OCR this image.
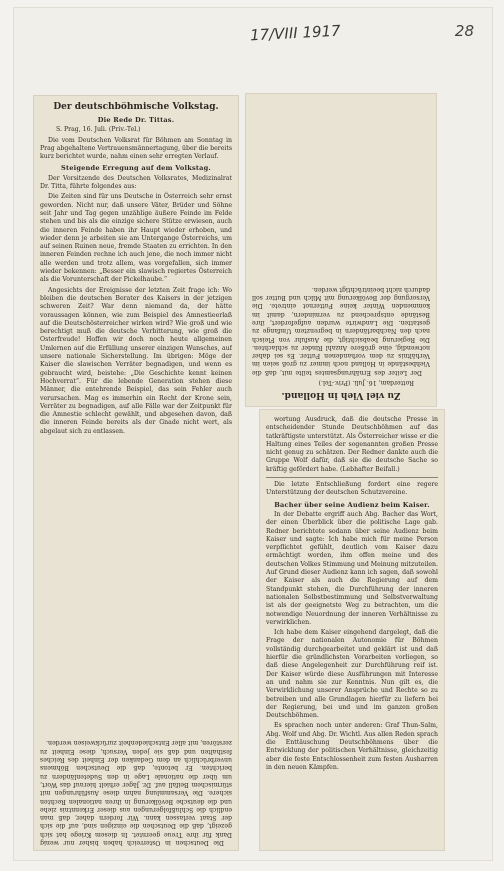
17/VIII 1917	28

Der deutschböhmische Volkstag.

Die Rede Dr. Tittas.

S. Prag, 16. Juli. (Priv.-Tel.)

Die vom Deutschen Volksrat für Böhmen am Sonntag in Prag abgehaltene Vertrauensmännertagung, über die bereits kurz berichtet wurde, nahm einen sehr erregten Verlauf.

Steigende Erregung auf dem Volkstag.

Der Vorsitzende des Deutschen Volksrates, Medizinalrat Dr. Titta, führte folgendes aus:

Die Zeiten sind für uns Deutsche in Österreich sehr ernst geworden. Nicht nur, daß unsere Väter, Brüder und Söhne seit Jahr und Tag gegen unzählige äußere Feinde im Felde stehen und bis als die einzige sichere Stütze erwiesen, auch die inneren Feinde haben ihr Haupt wieder erhoben, und wieder denn je arbeiten sie am Untergange Österreichs, um auf seinen Ruinen neue, fremde Staaten zu errichten. In den inneren Feinden rechne ich auch jene, die noch immer nicht alle werden und trotz allem, was vorgefallen, sich immer wieder bekennen: „Besser ein slawisch regiertes Österreich als die Vorunterschaft der Pickelhaube.“

Angesichts der Ereignisse der letzten Zeit frage ich: Wo bleiben die deutschen Berater des Kaisers in der jetzigen schweren Zeit? War denn niemand da, der hätte voraussagen können, wie zum Beispiel des Amnestieerlaß auf die Deutschösterreicher wirken wird? Wie groß und wie berechtigt muß die deutsche Verbitterung, wie groß die Osterfreude! Hoffen wir doch noch heute allgemeinen Umlernen auf die Erfüllung unserer einzigen Wunsches, auf unsere nationale Sicherstellung. Im übrigen: Möge der Kaiser die slawischen Verräter begnadigen, und wenn es gebraucht wird, beistehe: „Die Geschichte kennt keinen Hochverrat“. Für die lebende Generation stehen diese Männer, die entehrende Beispiel, das sein Fehler auch verursachen. Mag es immerhin ein Recht der Krone sein, Verräter zu begnadigen, auf alle Fälle war der Zeitpunkt für die Amnestie schlecht gewählt, und abgesehen davon, daß die inneren Feinde bereits als der Gnade nicht wert, als abgelaut sich zu entlassen.

Die Deutschen in Österreich haben bisher nur wenig Dank für ihre Treue geerntet. In diesem Kriege hat sich gezeigt, daß die Deutschen die einzigen sind, auf die sich der Staat verlassen kann. Wir fordern daher, daß man endlich die Schlußfolgerungen aus dieser Erkenntnis ziehe und die deutsche Bevölkerung in ihren nationalen Rechten sichere. Die Versammlung nahm diese Ausführungen mit stürmischem Beifall auf. Dr. Jäger erhielt hierauf das Wort, um über die nationale Lage in den Sudetenländern zu berichten. Er betonte, daß die Deutschen Böhmens unverbrüchlich an dem Gedanken der Einheit des Reiches festhalten und daß sie jeden Versuch, diese Einheit zu zerstören, mit aller Entschiedenheit zurückweisen werden.

Zu viel Vieh in Holland.

Rotterdam, 16. Juli. (Priv.-Tel.)

Der Leiter des Ernährungsamtes teilte mit, daß die Viehbestände in Holland noch immer zu groß seien im Verhältnis zu dem vorhandenen Futter. Es sei daher notwendig, eine größere Anzahl Rinder zu schlachten. Die Regierung beabsichtigt, die Ausfuhr von Fleisch nach den Nachbarländern in begrenztem Umfange zu gestatten. Die Landwirte wurden aufgefordert, ihre Bestände entsprechend zu vermindern, damit im kommenden Winter keine Futternot eintrete. Die Versorgung der Bevölkerung mit Milch und Butter soll dadurch nicht beeinträchtigt werden.

wortung Ausdruck, daß die deutsche Presse in entscheidender Stunde Deutschböhmen auf das tatkräftigste unterstützt. Als Österreicher wisse er die Haltung eines Teiles der sogenannten großen Presse nicht genug zu schätzen. Der Redner dankte auch die Gruppe Wolf dafür, daß sie die deutsche Sache so kräftig gefördert habe. (Lebhafter Beifall.)

Die letzte Entschließung fordert eine regere Unterstützung der deutschen Schutzvereine.

Bacher über seine Audienz beim Kaiser.

In der Debatte ergriff auch Abg. Bacher das Wort, der einen Überblick über die politische Lage gab. Redner berichtete sodann über seine Audienz beim Kaiser und sagte: Ich habe mich für meine Person verpflichtet gefühlt, deutlich vom Kaiser dazu ermächtigt worden, ihm offen meine und des deutschen Volkes Stimmung und Meinung mitzuteilen. Auf Grund dieser Audienz kann ich sagen, daß sowohl der Kaiser als auch die Regierung auf dem Standpunkt stehen, die Durchführung der inneren nationalen Selbstbestimmung und Selbstverwaltung ist als der geeignetste Weg zu betrachten, um die notwendige Neuordnung der inneren Verhältnisse zu verwirklichen.

Ich habe dem Kaiser eingehend dargelegt, daß die Frage der nationalen Autonomie für Böhmen vollständig durchgearbeitet und geklärt ist und daß hierfür die gründlichsten Vorarbeiten vorliegen, so daß diese Angelegenheit zur Durchführung reif ist. Der Kaiser würde diese Ausführungen mit Interesse an und nahm sie zur Kenntnis. Nun gilt es, die Verwirklichung unserer Ansprüche und Rechte so zu betreiben und alle Grundlagen hierfür zu liefern bei der Regierung, bei und und im ganzen großen Deutschböhmen.

Es sprachen noch unter anderen: Graf Thun-Salm, Abg. Wolf und Abg. Dr. Wichtl. Aus allen Reden sprach die Enttäuschung Deutschböhmens über die Entwicklung der politischen Verhältnisse, gleichzeitig aber die feste Entschlossenheit zum festen Ausharren in den neuen Kämpfen.
